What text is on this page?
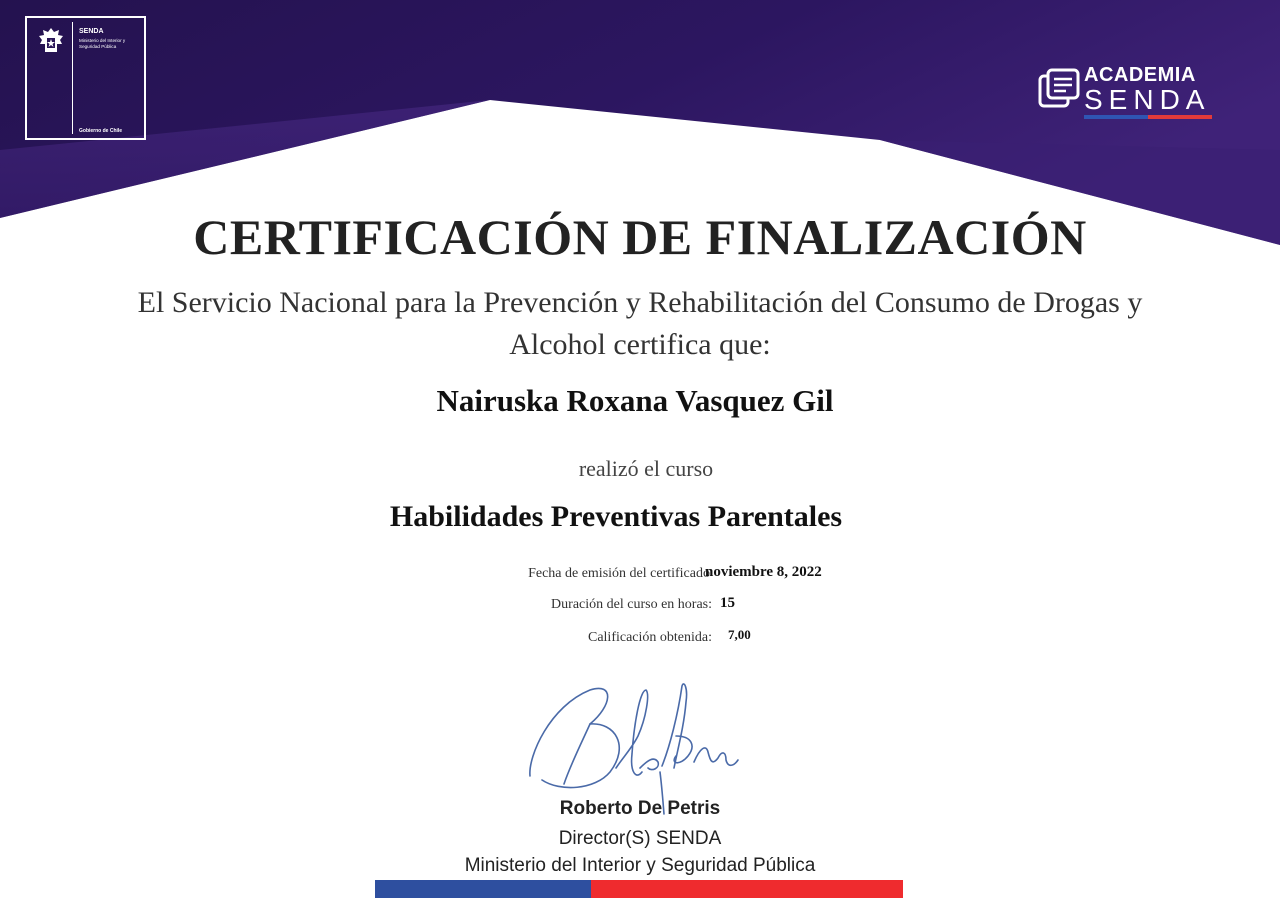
SENDA
Ministerio del Interior y Seguridad Pública
Gobierno de Chile
ACADEMIA
SENDA
CERTIFICACIÓN DE FINALIZACIÓN
El Servicio Nacional para la Prevención y Rehabilitación del Consumo de Drogas y
Alcohol certifica que:
Nairuska Roxana Vasquez Gil
realizó el curso
Habilidades Preventivas Parentales
Fecha de emisión del certificado
noviembre 8, 2022
Duración del curso en horas: 15
Calificación obtenida: 7,00
Roberto De Petris
Director(S) SENDA
Ministerio del Interior y Seguridad Pública
